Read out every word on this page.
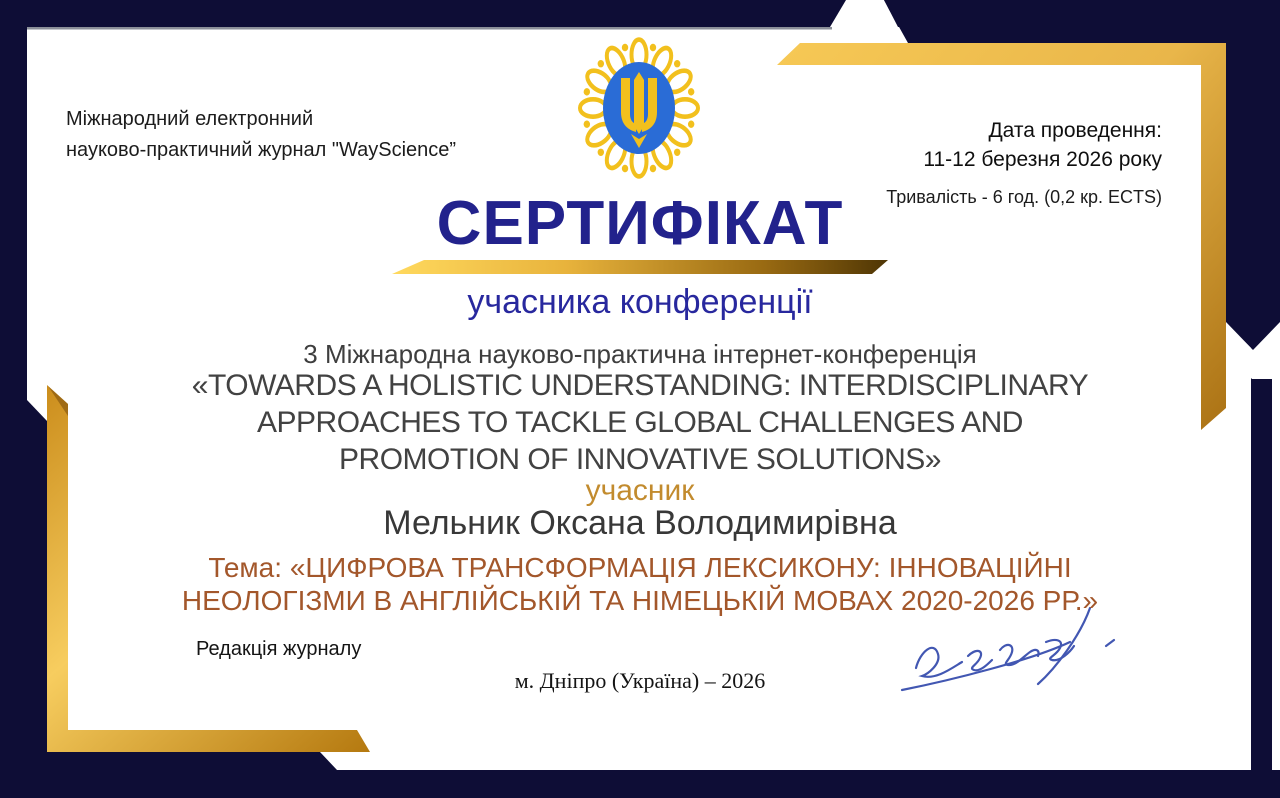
Міжнародний електронний
науково-практичний журнал "WayScience”
Дата проведення:
11-12 березня 2026 року
Тривалість - 6 год. (0,2 кр. ECTS)
СЕРТИФІКАТ
учасника конференції
3 Міжнародна науково-практична інтернет-конференція
«TOWARDS A HOLISTIC UNDERSTANDING: INTERDISCIPLINARY
APPROACHES TO TACKLE GLOBAL CHALLENGES AND
PROMOTION OF INNOVATIVE SOLUTIONS»
учасник
Мельник Оксана Володимирівна
Тема: «ЦИФРОВА ТРАНСФОРМАЦІЯ ЛЕКСИКОНУ: ІННОВАЦІЙНІ
НЕОЛОГІЗМИ В АНГЛІЙСЬКІЙ ТА НІМЕЦЬКІЙ МОВАХ 2020-2026 РР.»
Редакція журналу
м. Дніпро (Україна) – 2026
